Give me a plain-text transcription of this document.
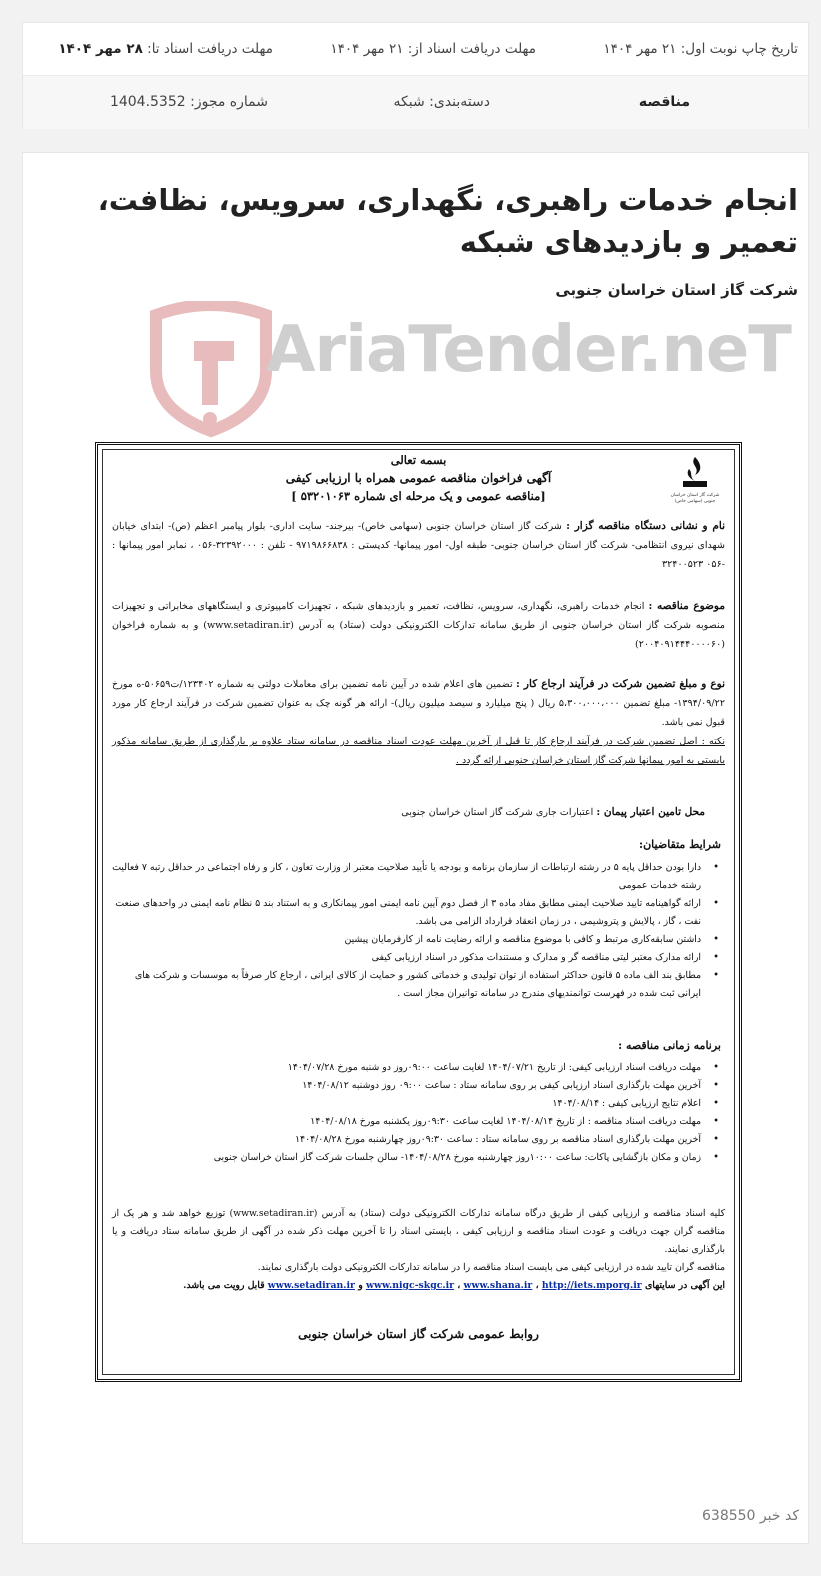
تاریخ چاپ نوبت اول: ۲۱ مهر ۱۴۰۴
مهلت دریافت اسناد از: ۲۱ مهر ۱۴۰۴
مهلت دریافت اسناد تا: ۲۸ مهر ۱۴۰۴
مناقصه
دسته‌بندی: شبکه
شماره مجوز: 1404.5352
انجام خدمات راهبری، نگهداری، سرویس، نظافت، تعمیر و بازدیدهای شبکه
شرکت گاز استان خراسان جنوبی
AriaTender.neT
شرکت گاز استان خراسان جنوبی (سهامی خاص)
بسمه تعالی
آگهی فراخوان مناقصه عمومی همراه با ارزیابی کیفی
[مناقصه عمومی و یک مرحله ای شماره ۵۳۲۰۱۰۶۳ ]
نام و نشانی دستگاه مناقصه گزار : شرکت گاز استان خراسان جنوبی (سهامی خاص)- بیرجند- سایت اداری- بلوار پیامبر اعظم (ص)- ابتدای خیابان شهدای نیروی انتظامی- شرکت گاز استان خراسان جنوبی- طبقه اول- امور پیمانها- کدپستی : ۹۷۱۹۸۶۶۸۳۸ - تلفن : ۳۲۳۹۲۰۰۰-۰۵۶ ، نمابر امور پیمانها : -۰۵۶ ۳۲۴۰۰۵۲۳
موضوع مناقصه : انجام خدمات راهبری، نگهداری، سرویس، نظافت، تعمیر و بازدیدهای شبکه ، تجهیزات کامپیوتری و ایستگاههای مخابراتی و تجهیزات منصوبه شرکت گاز استان خراسان جنوبی از طریق سامانه تدارکات الکترونیکی دولت (ستاد) به آدرس (www.setadiran.ir) و به شماره فراخوان (۲۰۰۴۰۹۱۴۴۴۰۰۰۰۶۰)
نوع و مبلغ تضمین شرکت در فرآیند ارجاع کار : تضمین های اعلام شده در آیین نامه تضمین برای معاملات دولتی به شماره ۱۲۳۴۰۲/ت۵۰۶۵۹-ه مورخ ۱۳۹۴/۰۹/۲۲- مبلغ تضمین ۵،۳۰۰،۰۰۰،۰۰۰ ریال ( پنج میلیارد و سیصد میلیون ریال)- ارائه هر گونه چک به عنوان تضمین شرکت در فرآیند ارجاع کار مورد قبول نمی باشد.
نکته : اصل تضمین شرکت در فرآیند ارجاع کار تا قبل از آخرین مهلت عودت اسناد مناقصه در سامانه ستاد علاوه بر بارگذاری از طریق سامانه مذکور بایستی به امور پیمانها شرکت گاز استان خراسان جنوبی ارائه گردد .
محل تامین اعتبار پیمان : اعتبارات جاری شرکت گاز استان خراسان جنوبی
شرایط متقاضیان:
• دارا بودن حداقل پایه ۵ در رشته ارتباطات از سازمان برنامه و بودجه یا تأیید صلاحیت معتبر از وزارت تعاون ، کار و رفاه اجتماعی در حداقل رتبه ۷ فعالیت رشته خدمات عمومی
• ارائه گواهینامه تایید صلاحیت ایمنی مطابق مفاد ماده ۳ از فصل دوم آیین نامه ایمنی امور پیمانکاری و به استناد بند ۵ نظام نامه ایمنی در واحدهای صنعت نفت ، گاز ، پالایش و پتروشیمی ، در زمان انعقاد قرارداد الزامی می باشد.
• داشتن سابقه‌کاری مرتبط و کافی با موضوع مناقصه و ارائه رضایت نامه از کارفرمایان پیشین
• ارائه مدارک معتبر لیتی مناقصه گر و مدارک و مستندات مذکور در اسناد ارزیابی کیفی
• مطابق بند الف ماده ۵ قانون حداکثر استفاده از توان تولیدی و خدماتی کشور و حمایت از کالای ایرانی ، ارجاع کار صرفاً به موسسات و شرکت های ایرانی ثبت شده در فهرست توانمندیهای مندرج در سامانه توانیران مجاز است .
برنامه زمانی مناقصه :
• مهلت دریافت اسناد ارزیابی کیفی: از تاریخ ۱۴۰۴/۰۷/۲۱ لغایت ساعت ۰۹:۰۰روز دو شنبه مورخ ۱۴۰۴/۰۷/۲۸
• آخرین مهلت بارگذاری اسناد ارزیابی کیفی بر روی سامانه ستاد : ساعت ۰۹:۰۰ روز دوشنبه ۱۴۰۴/۰۸/۱۲
• اعلام نتایج ارزیابی کیفی : ۱۴۰۴/۰۸/۱۴
• مهلت دریافت اسناد مناقصه : از تاریخ ۱۴۰۴/۰۸/۱۴ لغایت ساعت ۰۹:۳۰روز یکشنبه مورخ ۱۴۰۴/۰۸/۱۸
• آخرین مهلت بارگذاری اسناد مناقصه بر روی سامانه ستاد : ساعت ۰۹:۳۰روز چهارشنبه مورخ ۱۴۰۴/۰۸/۲۸
• زمان و مکان بازگشایی پاکات: ساعت ۱۰:۰۰روز چهارشنبه مورخ ۱۴۰۴/۰۸/۲۸- سالن جلسات شرکت گاز استان خراسان جنوبی
کلیه اسناد مناقصه و ارزیابی کیفی از طریق درگاه سامانه تدارکات الکترونیکی دولت (ستاد) به آدرس (www.setadiran.ir) توزیع خواهد شد و هر یک از مناقصه گران جهت دریافت و عودت اسناد مناقصه و ارزیابی کیفی ، بایستی اسناد را تا آخرین مهلت ذکر شده در آگهی از طریق سامانه ستاد دریافت و یا بارگذاری نمایند.
مناقصه گران تایید شده در ارزیابی کیفی می بایست اسناد مناقصه را در سامانه تدارکات الکترونیکی دولت بارگذاری نمایند.
این آگهی در سایتهای www.nigc-skgc.ir ، www.shana.ir ، http://iets.mporg.ir و www.setadiran.ir قابل رویت می باشد.
روابط عمومی شرکت گاز استان خراسان جنوبی
کد خبر 638550
